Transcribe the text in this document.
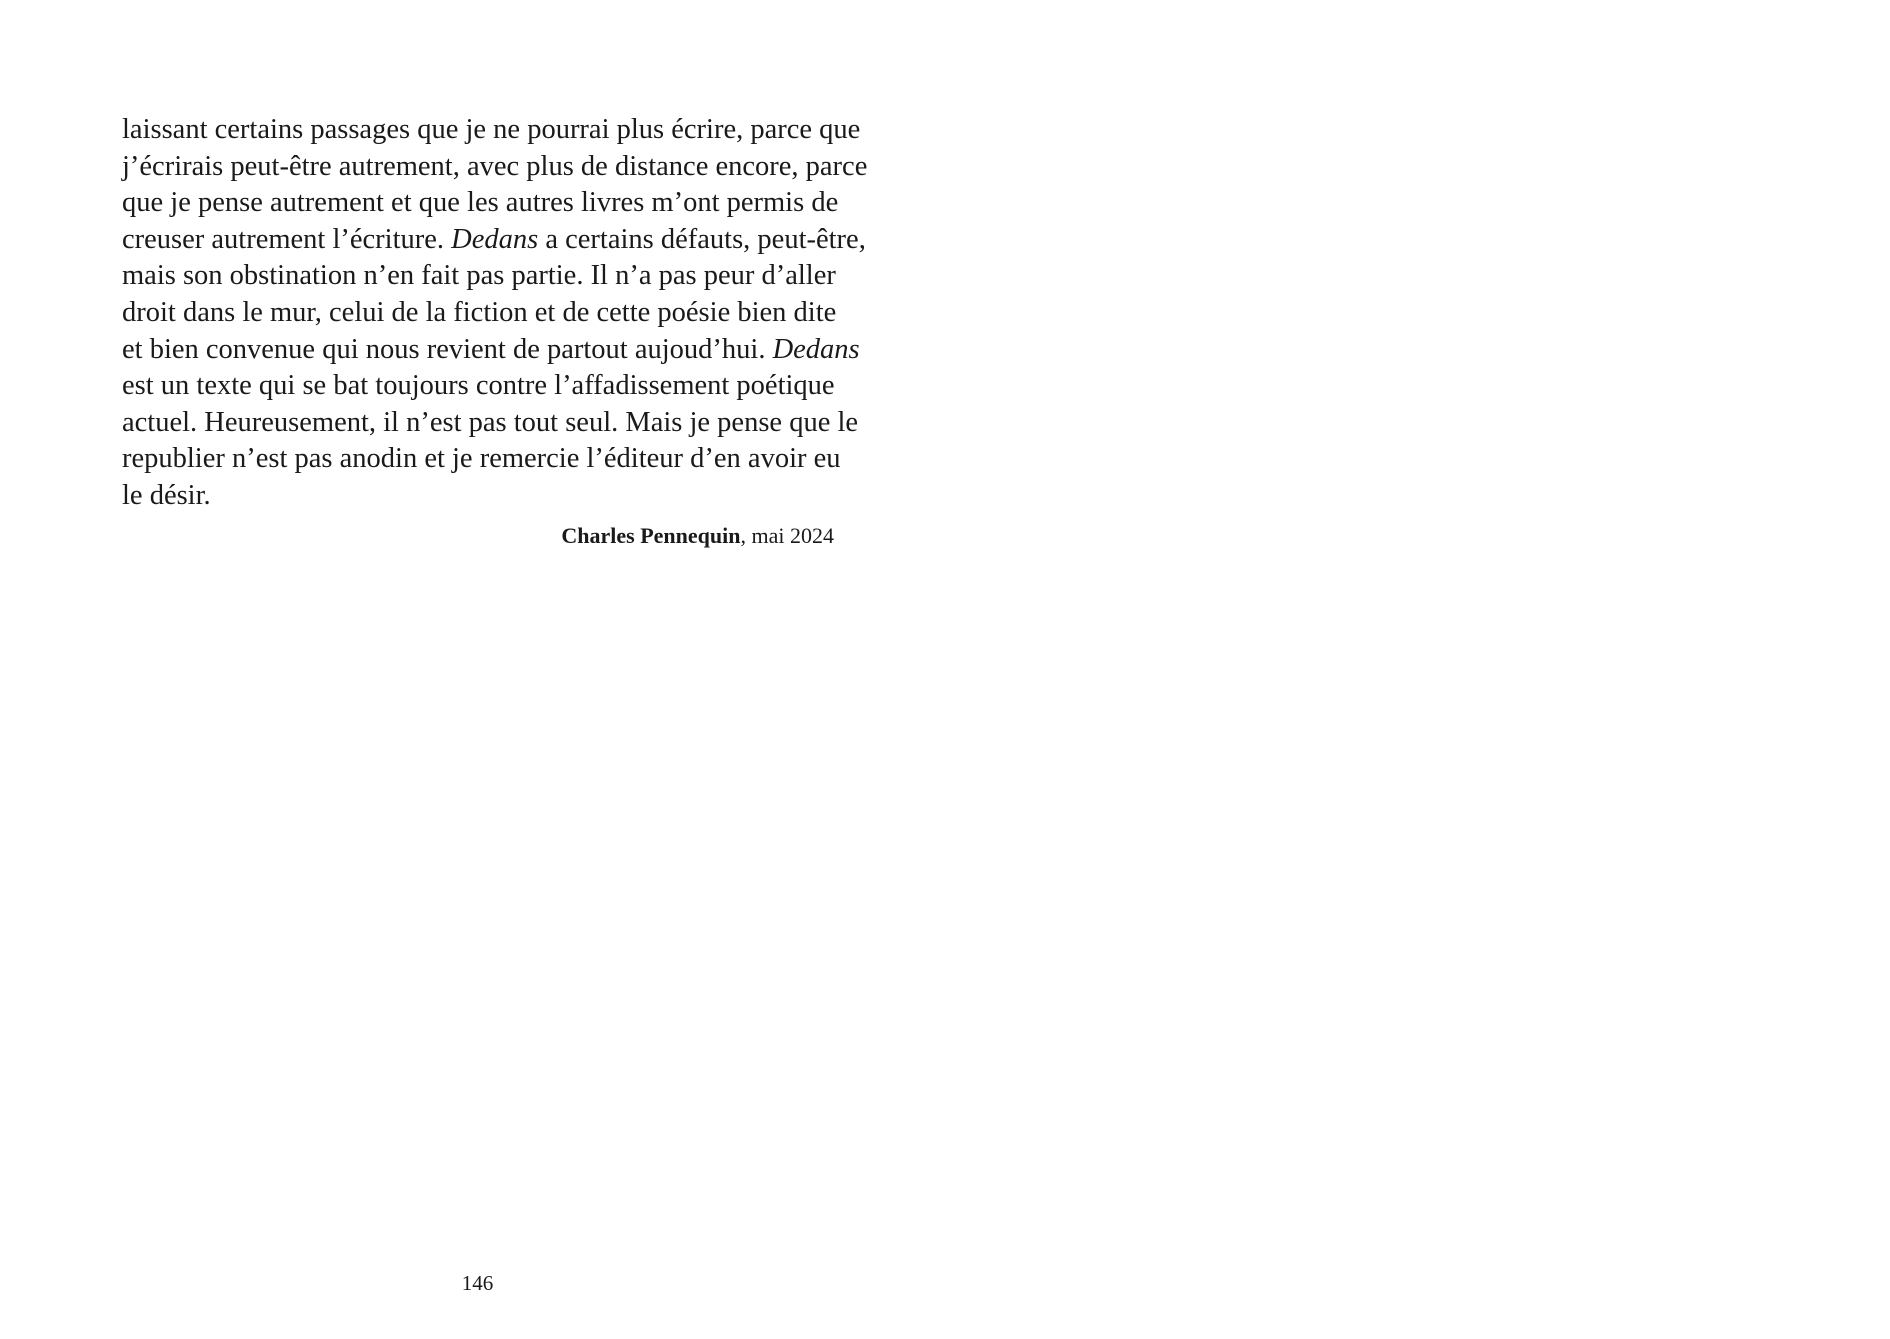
laissant certains passages que je ne pourrai plus écrire, parce que
j’écrirais peut-être autrement, avec plus de distance encore, parce
que je pense autrement et que les autres livres m’ont permis de
creuser autrement l’écriture. Dedans a certains défauts, peut-être,
mais son obstination n’en fait pas partie. Il n’a pas peur d’aller
droit dans le mur, celui de la fiction et de cette poésie bien dite
et bien convenue qui nous revient de partout aujoud’hui. Dedans
est un texte qui se bat toujours contre l’affadissement poétique
actuel. Heureusement, il n’est pas tout seul. Mais je pense que le
republier n’est pas anodin et je remercie l’éditeur d’en avoir eu
le désir.
Charles Pennequin, mai 2024
146
